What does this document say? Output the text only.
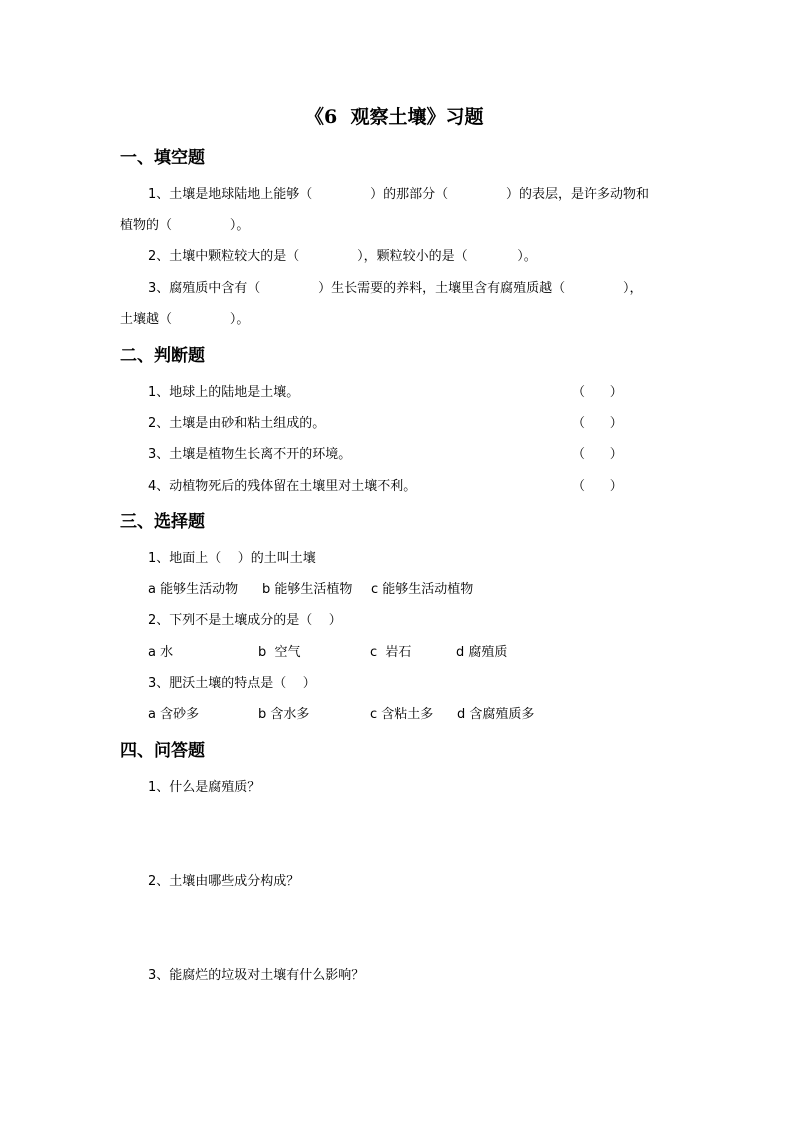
《6  观察土壤》习题
一、填空题
1、土壤是地球陆地上能够（              ）的那部分（              ）的表层，是许多动物和
植物的（              ）。
2、土壤中颗粒较大的是（              ），颗粒较小的是（            ）。
3、腐殖质中含有（              ）生长需要的养料，土壤里含有腐殖质越（              ），
土壤越（              ）。
二、判断题
1、地球上的陆地是土壤。	（      ）
2、土壤是由砂和粘土组成的。	（      ）
3、土壤是植物生长离不开的环境。	（      ）
4、动植物死后的残体留在土壤里对土壤不利。	（      ）
三、选择题
1、地面上（    ）的土叫土壤
a 能够生活动物 b 能够生活植物 c 能够生活动植物
2、下列不是土壤成分的是（    ）
a 水	b  空气	c  岩石	d 腐殖质
3、肥沃土壤的特点是（    ）
a 含砂多	b 含水多	c 含粘土多 d 含腐殖质多
四、问答题
1、什么是腐殖质？
2、土壤由哪些成分构成？
3、能腐烂的垃圾对土壤有什么影响？
